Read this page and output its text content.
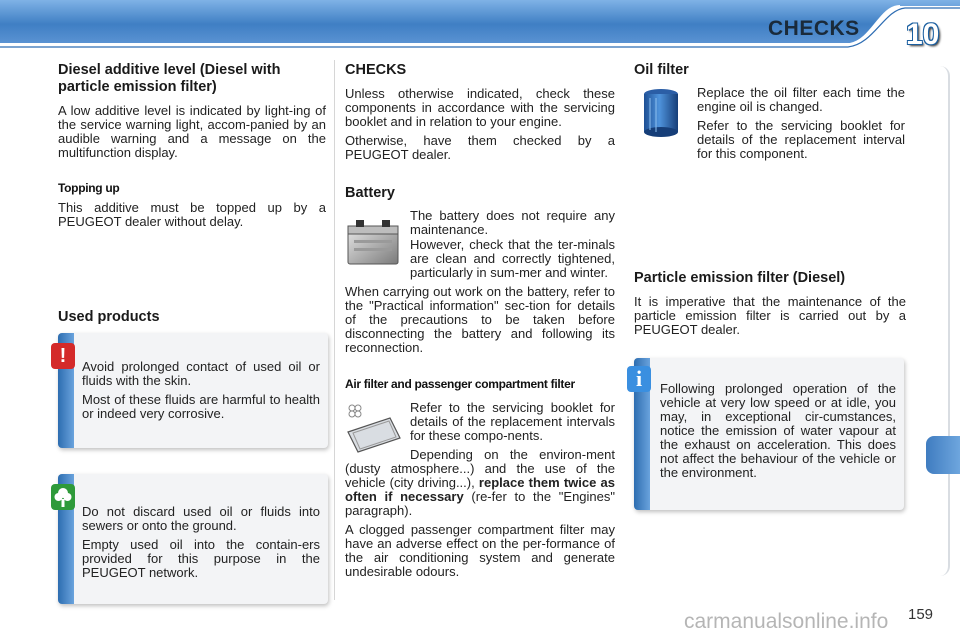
CHECKS 10
Diesel additive level (Diesel with particle emission filter)

A low additive level is indicated by light-ing of the service warning light, accom-panied by an audible warning and a message on the multifunction display.

Topping up

This additive must be topped up by a PEUGEOT dealer without delay.

Used products

Avoid prolonged contact of used oil or fluids with the skin.

Most of these fluids are harmful to health or indeed very corrosive.

!

Do not discard used oil or fluids into sewers or onto the ground.

Empty used oil into the contain-ers provided for this purpose in the PEUGEOT network.

CHECKS

Unless otherwise indicated, check these components in accordance with the servicing booklet and in relation to your engine.

Otherwise, have them checked by a PEUGEOT dealer.

Battery

The battery does not require any maintenance.

However, check that the ter-minals are clean and correctly tightened, particularly in sum-mer and winter.

When carrying out work on the battery, refer to the "Practical information" sec-tion for details of the precautions to be taken before disconnecting the battery and following its reconnection.

Air filter and passenger compartment filter

Refer to the servicing booklet for details of the replacement intervals for these compo-nents.

Depending on the environ-ment (dusty atmosphere...) and the use of the vehicle (city driving...), replace them twice as often if necessary (re-fer to the "Engines" paragraph).

A clogged passenger compartment filter may have an adverse effect on the per-formance of the air conditioning system and generate undesirable odours.

Oil filter

Replace the oil filter each time the engine oil is changed.

Refer to the servicing booklet for details of the replacement interval for this component.

Particle emission filter (Diesel)

It is imperative that the maintenance of the particle emission filter is carried out by a PEUGEOT dealer.

Following prolonged operation of the vehicle at very low speed or at idle, you may, in exceptional cir-cumstances, notice the emission of water vapour at the exhaust on acceleration. This does not affect the behaviour of the vehicle or the environment.

i
159
carmanualsonline.info
